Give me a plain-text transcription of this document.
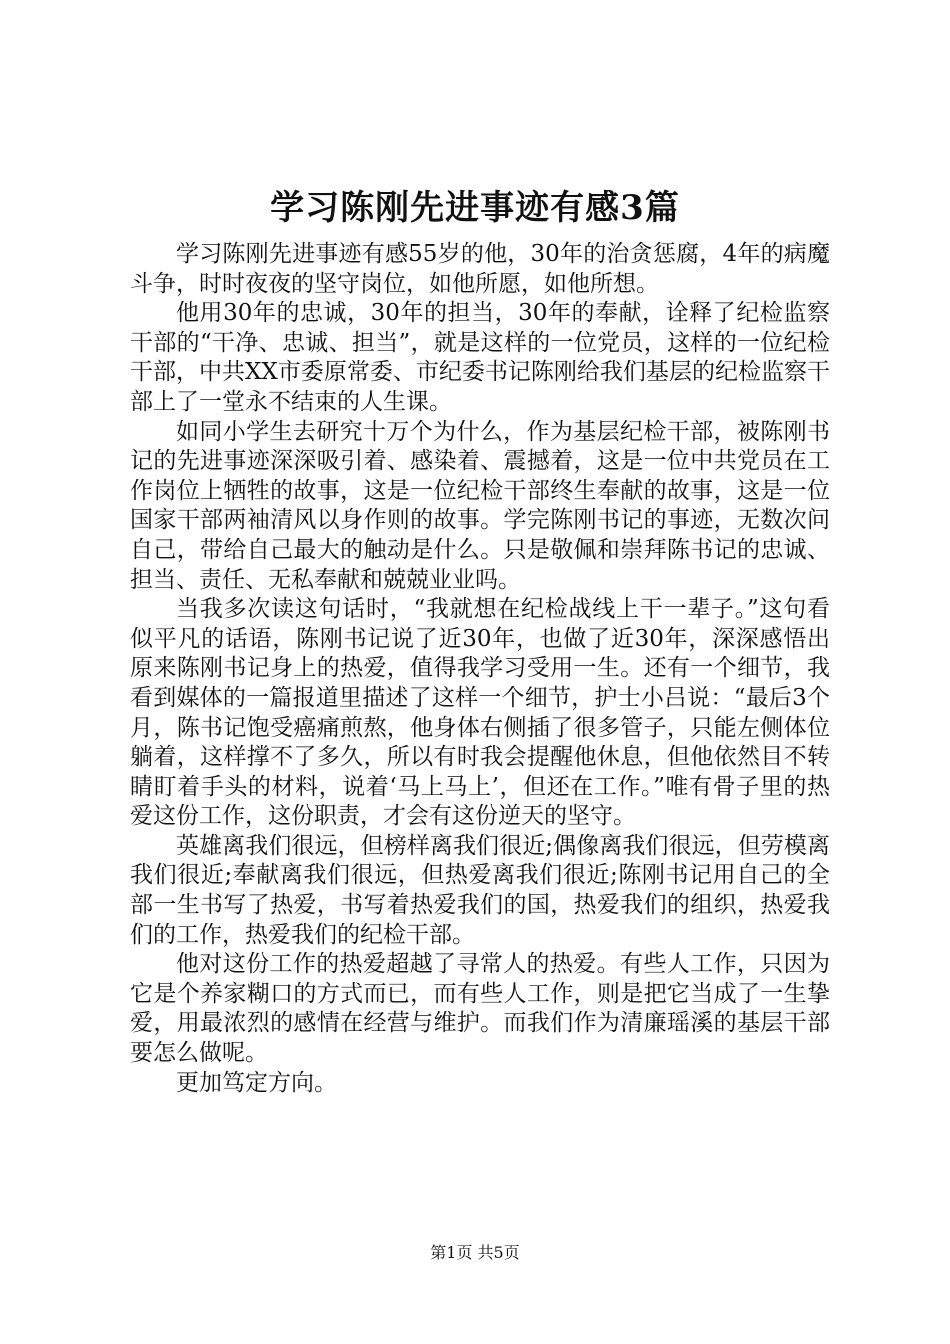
学习陈刚先进事迹有感3篇

学习陈刚先进事迹有感55岁的他，30年的治贪惩腐，4年的病魔斗争，时时夜夜的坚守岗位，如他所愿，如他所想。

他用30年的忠诚，30年的担当，30年的奉献，诠释了纪检监察干部的“干净、忠诚、担当”，就是这样的一位党员，这样的一位纪检干部，中共XX市委原常委、市纪委书记陈刚给我们基层的纪检监察干部上了一堂永不结束的人生课。

如同小学生去研究十万个为什么，作为基层纪检干部，被陈刚书记的先进事迹深深吸引着、感染着、震撼着，这是一位中共党员在工作岗位上牺牲的故事，这是一位纪检干部终生奉献的故事，这是一位国家干部两袖清风以身作则的故事。学完陈刚书记的事迹，无数次问自己，带给自己最大的触动是什么。只是敬佩和崇拜陈书记的忠诚、担当、责任、无私奉献和兢兢业业吗。

当我多次读这句话时，“我就想在纪检战线上干一辈子。”这句看似平凡的话语，陈刚书记说了近30年，也做了近30年，深深感悟出原来陈刚书记身上的热爱，值得我学习受用一生。还有一个细节，我看到媒体的一篇报道里描述了这样一个细节，护士小吕说：“最后3个月，陈书记饱受癌痛煎熬，他身体右侧插了很多管子，只能左侧体位躺着，这样撑不了多久，所以有时我会提醒他休息，但他依然目不转睛盯着手头的材料，说着‘马上马上’，但还在工作。”唯有骨子里的热爱这份工作，这份职责，才会有这份逆天的坚守。

英雄离我们很远，但榜样离我们很近;偶像离我们很远，但劳模离我们很近;奉献离我们很远，但热爱离我们很近;陈刚书记用自己的全部一生书写了热爱，书写着热爱我们的国，热爱我们的组织，热爱我们的工作，热爱我们的纪检干部。

他对这份工作的热爱超越了寻常人的热爱。有些人工作，只因为它是个养家糊口的方式而已，而有些人工作，则是把它当成了一生挚爱，用最浓烈的感情在经营与维护。而我们作为清廉瑶溪的基层干部要怎么做呢。

更加笃定方向。

第1页 共5页
